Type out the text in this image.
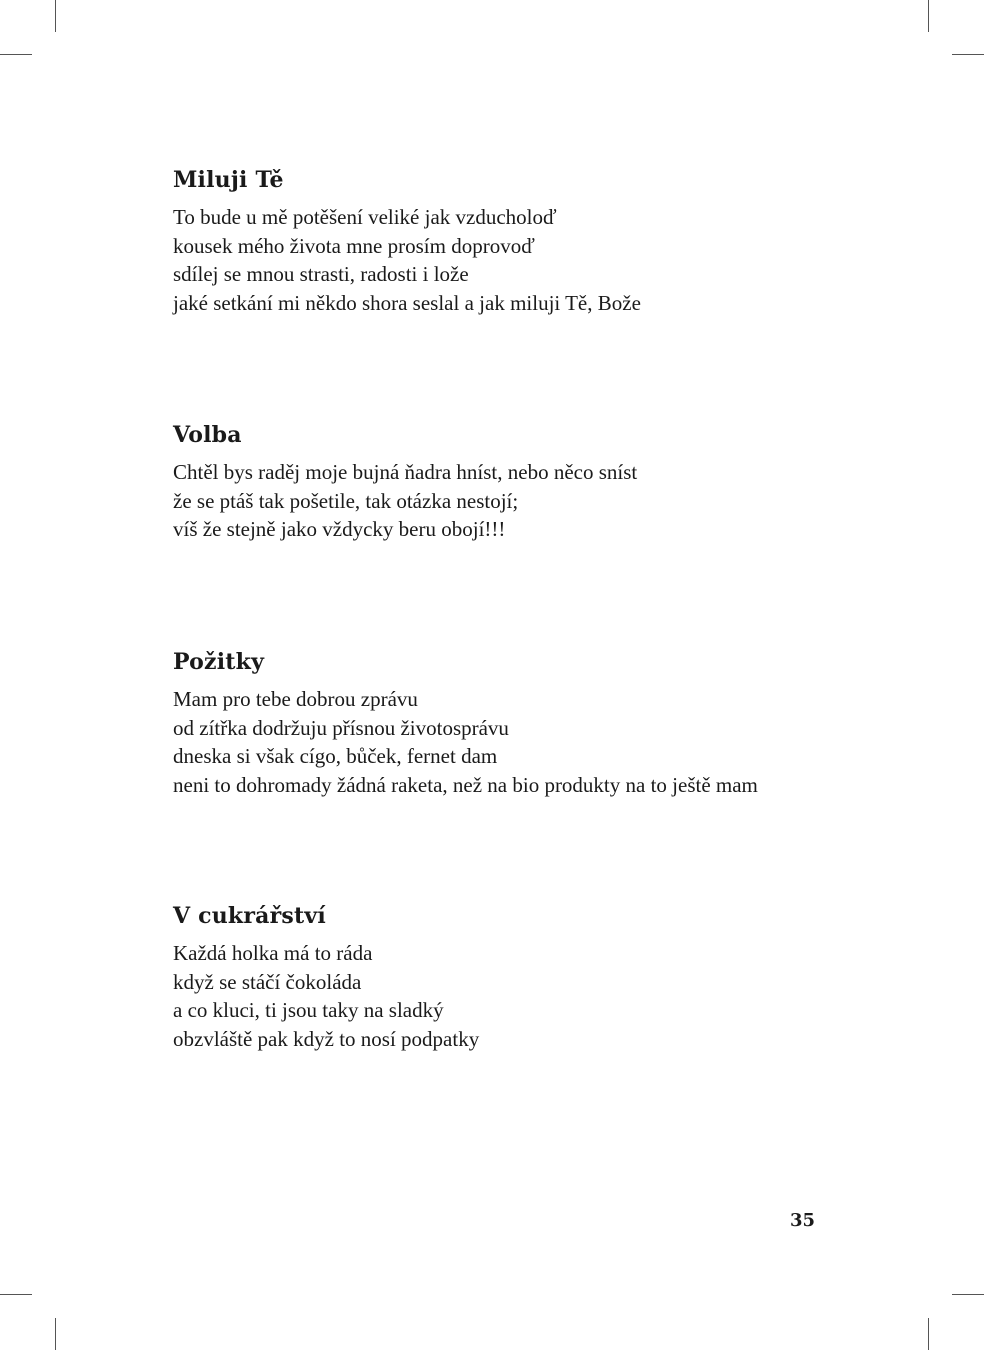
Miluji Tě
To bude u mě potěšení veliké jak vzducholoď
kousek mého života mne prosím doprovoď
sdílej se mnou strasti, radosti i lože
jaké setkání mi někdo shora seslal a jak miluji Tě, Bože
Volba
Chtěl bys raděj moje bujná ňadra hníst, nebo něco sníst
že se ptáš tak pošetile, tak otázka nestojí;
víš že stejně jako vždycky beru obojí!!!
Požitky
Mam pro tebe dobrou zprávu
od zítřka dodržuju přísnou životosprávu
dneska si však cígo, bůček, fernet dam
neni to dohromady žádná raketa, než na bio produkty na to ještě mam
V cukrářství
Každá holka má to ráda
když se stáčí čokoláda
a co kluci, ti jsou taky na sladký
obzvláště pak když to nosí podpatky
35
